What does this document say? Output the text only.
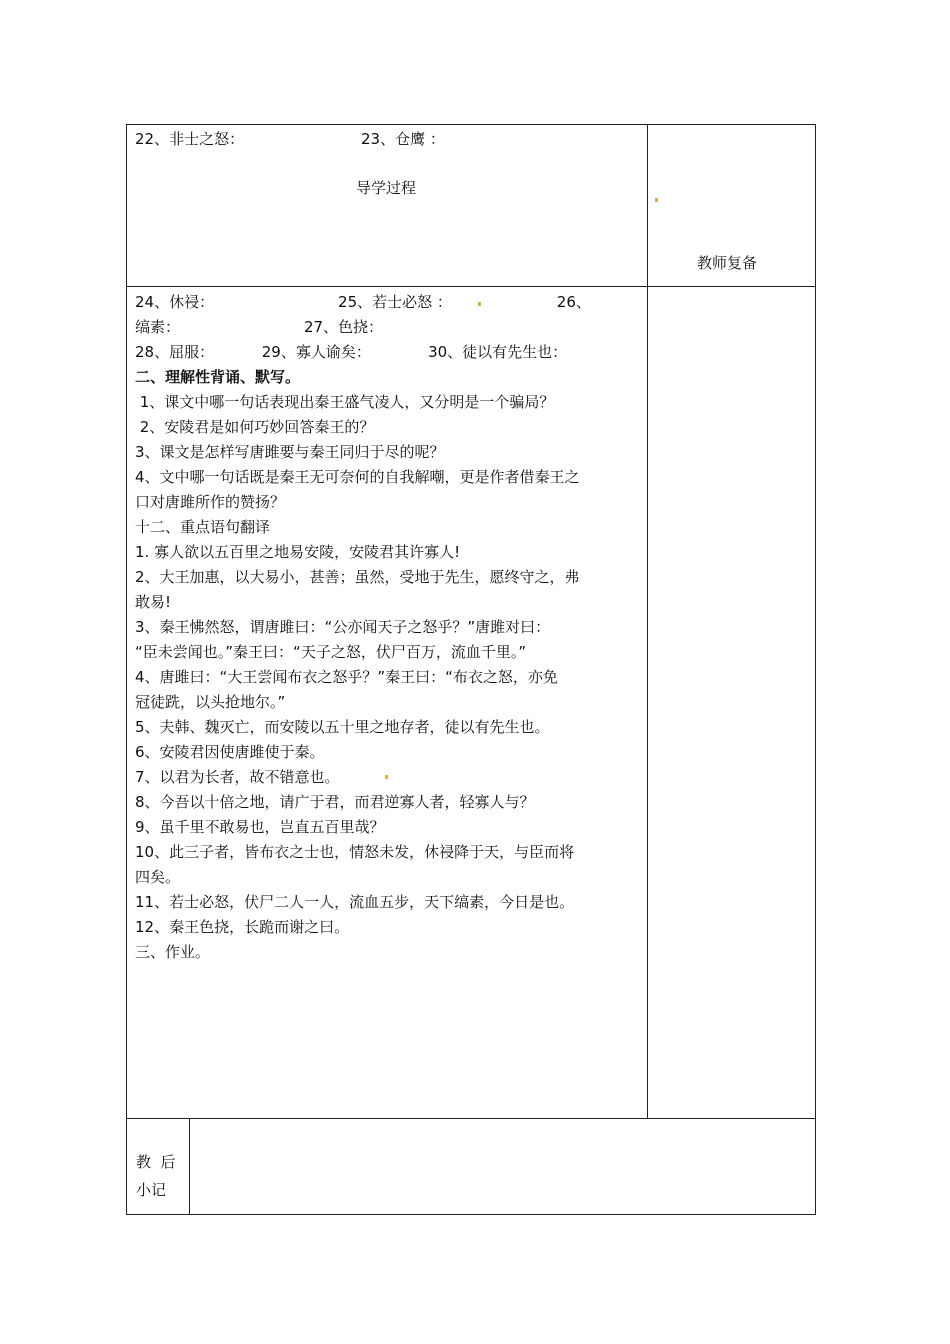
22、非士之怒：	23、仓鹰 ：
导学过程
教师复备
24、休祲：                          25、若士必怒 ：                      26、
缟素：                          27、色挠：
28、屈服：          29、寡人谕矣：            30、徒以有先生也：
二、理解性背诵、默写。
1、课文中哪一句话表现出秦王盛气凌人，又分明是一个骗局？
2、安陵君是如何巧妙回答秦王的？
3、课文是怎样写唐雎要与秦王同归于尽的呢？
4、文中哪一句话既是秦王无可奈何的自我解嘲，更是作者借秦王之
口对唐雎所作的赞扬？
十二、重点语句翻译
1. 寡人欲以五百里之地易安陵，安陵君其许寡人!
2、大王加惠，以大易小，甚善；虽然，受地于先生，愿终守之，弗
敢易!
3、秦王怫然怒，谓唐雎曰：“公亦闻天子之怒乎？”唐雎对曰：
“臣未尝闻也。”秦王曰：“天子之怒，伏尸百万，流血千里。”
4、唐雎曰：“大王尝闻布衣之怒乎？”秦王曰：“布衣之怒，亦免
冠徒跣，以头抢地尔。”
5、夫韩、魏灭亡，而安陵以五十里之地存者，徒以有先生也。
6、安陵君因使唐雎使于秦。
7、以君为长者，故不错意也。
8、今吾以十倍之地，请广于君，而君逆寡人者，轻寡人与？
9、虽千里不敢易也，岂直五百里哉？
10、此三子者，皆布衣之士也，情怒未发，休祲降于天，与臣而将
四矣。
11、若士必怒，伏尸二人一人，流血五步，天下缟素，今日是也。
12、秦王色挠，长跪而谢之曰。
三、作业。
教  后
小记
